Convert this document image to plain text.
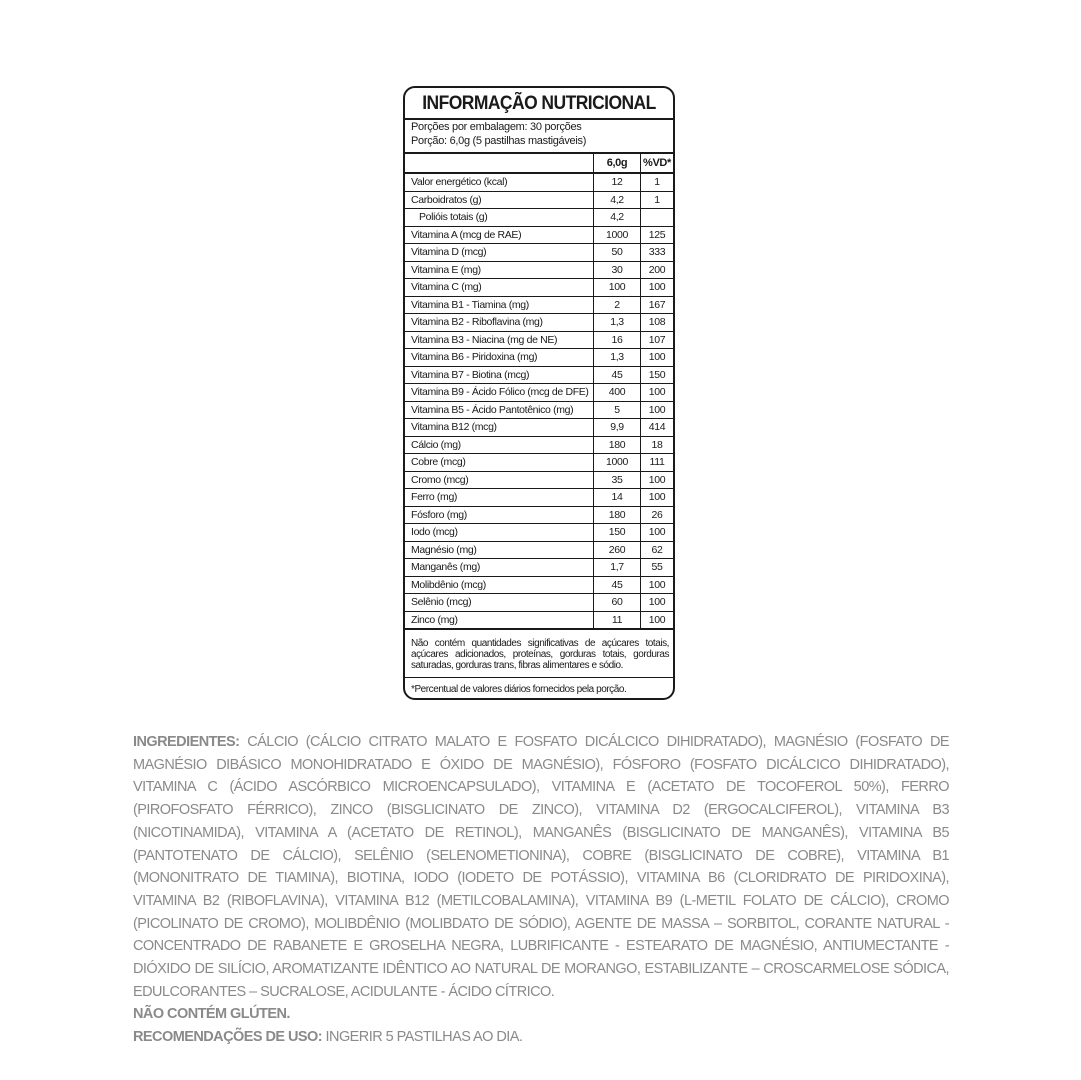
INFORMAÇÃO NUTRICIONAL
Porções por embalagem: 30 porções
Porção: 6,0g (5 pastilhas mastigáveis)
	6,0g	%VD*
Valor energético (kcal)	12	1
Carboidratos (g)	4,2	1
Polióis totais (g)	4,2	
Vitamina A (mcg de RAE)	1000	125
Vitamina D (mcg)	50	333
Vitamina E (mg)	30	200
Vitamina C (mg)	100	100
Vitamina B1 - Tiamina (mg)	2	167
Vitamina B2 - Riboflavina (mg)	1,3	108
Vitamina B3 - Niacina (mg de NE)	16	107
Vitamina B6 - Piridoxina (mg)	1,3	100
Vitamina B7 - Biotina (mcg)	45	150
Vitamina B9 - Ácido Fólico (mcg de DFE)	400	100
Vitamina B5 - Ácido Pantotênico (mg)	5	100
Vitamina B12 (mcg)	9,9	414
Cálcio (mg)	180	18
Cobre (mcg)	1000	111
Cromo (mcg)	35	100
Ferro (mg)	14	100
Fósforo (mg)	180	26
Iodo (mcg)	150	100
Magnésio (mg)	260	62
Manganês (mg)	1,7	55
Molibdênio (mcg)	45	100
Selênio (mcg)	60	100
Zinco (mg)	11	100
Não contém quantidades significativas de açúcares totais, açúcares adicionados, proteínas, gorduras totais, gorduras saturadas, gorduras trans, fibras alimentares e sódio.
*Percentual de valores diários fornecidos pela porção.

INGREDIENTES: CÁLCIO (CÁLCIO CITRATO MALATO E FOSFATO DICÁLCICO DIHIDRATADO), MAGNÉSIO (FOSFATO DE MAGNÉSIO DIBÁSICO MONOHIDRATADO E ÓXIDO DE MAGNÉSIO), FÓSFORO (FOSFATO DICÁLCICO DIHIDRATADO), VITAMINA C (ÁCIDO ASCÓRBICO MICROENCAPSULADO), VITAMINA E (ACETATO DE TOCOFEROL 50%), FERRO (PIROFOSFATO FÉRRICO), ZINCO (BISGLICINATO DE ZINCO), VITAMINA D2 (ERGOCALCIFEROL), VITAMINA B3 (NICOTINAMIDA), VITAMINA A (ACETATO DE RETINOL), MANGANÊS (BISGLICINATO DE MANGANÊS), VITAMINA B5 (PANTOTENATO DE CÁLCIO), SELÊNIO (SELENOMETIONINA), COBRE (BISGLICINATO DE COBRE), VITAMINA B1 (MONONITRATO DE TIAMINA), BIOTINA, IODO (IODETO DE POTÁSSIO), VITAMINA B6 (CLORIDRATO DE PIRIDOXINA), VITAMINA B2 (RIBOFLAVINA), VITAMINA B12 (METILCOBALAMINA), VITAMINA B9 (L-METIL FOLATO DE CÁLCIO), CROMO (PICOLINATO DE CROMO), MOLIBDÊNIO (MOLIBDATO DE SÓDIO), AGENTE DE MASSA – SORBITOL, CORANTE NATURAL - CONCENTRADO DE RABANETE E GROSELHA NEGRA, LUBRIFICANTE - ESTEARATO DE MAGNÉSIO, ANTIUMECTANTE - DIÓXIDO DE SILÍCIO, AROMATIZANTE IDÊNTICO AO NATURAL DE MORANGO, ESTABILIZANTE – CROSCARMELOSE SÓDICA, EDULCORANTES – SUCRALOSE, ACIDULANTE - ÁCIDO CÍTRICO.

NÃO CONTÉM GLÚTEN.

RECOMENDAÇÕES DE USO: INGERIR 5 PASTILHAS AO DIA.
